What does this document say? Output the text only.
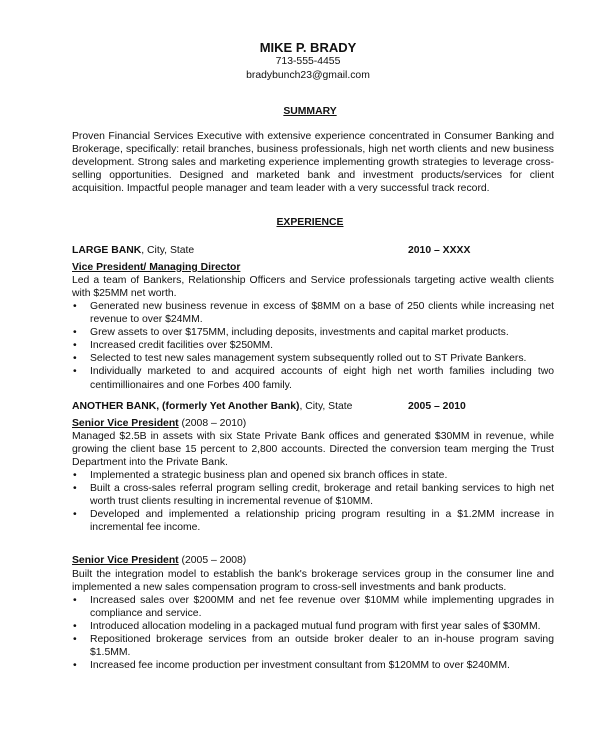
MIKE P. BRADY
713-555-4455
bradybunch23@gmail.com
SUMMARY
Proven Financial Services Executive with extensive experience concentrated in Consumer Banking and Brokerage, specifically: retail branches, business professionals, high net worth clients and new business development. Strong sales and marketing experience implementing growth strategies to leverage cross-selling opportunities. Designed and marketed bank and investment products/services for client acquisition. Impactful people manager and team leader with a very successful track record.
EXPERIENCE
LARGE BANK, City, State	2010 – XXXX
Vice President/ Managing Director
Led a team of Bankers, Relationship Officers and Service professionals targeting active wealth clients with $25MM net worth.
• Generated new business revenue in excess of $8MM on a base of 250 clients while increasing net revenue to over $24MM.
• Grew assets to over $175MM, including deposits, investments and capital market products.
• Increased credit facilities over $250MM.
• Selected to test new sales management system subsequently rolled out to ST Private Bankers.
• Individually marketed to and acquired accounts of eight high net worth families including two centimillionaires and one Forbes 400 family.
ANOTHER BANK, (formerly Yet Another Bank), City, State	2005 – 2010
Senior Vice President (2008 – 2010)
Managed $2.5B in assets with six State Private Bank offices and generated $30MM in revenue, while growing the client base 15 percent to 2,800 accounts. Directed the conversion team merging the Trust Department into the Private Bank.
• Implemented a strategic business plan and opened six branch offices in state.
• Built a cross-sales referral program selling credit, brokerage and retail banking services to high net worth trust clients resulting in incremental revenue of $10MM.
• Developed and implemented a relationship pricing program resulting in a $1.2MM increase in incremental fee income.
Senior Vice President (2005 – 2008)
Built the integration model to establish the bank's brokerage services group in the consumer line and implemented a new sales compensation program to cross-sell investments and bank products.
• Increased sales over $200MM and net fee revenue over $10MM while implementing upgrades in compliance and service.
• Introduced allocation modeling in a packaged mutual fund program with first year sales of $30MM.
• Repositioned brokerage services from an outside broker dealer to an in-house program saving $1.5MM.
• Increased fee income production per investment consultant from $120MM to over $240MM.
